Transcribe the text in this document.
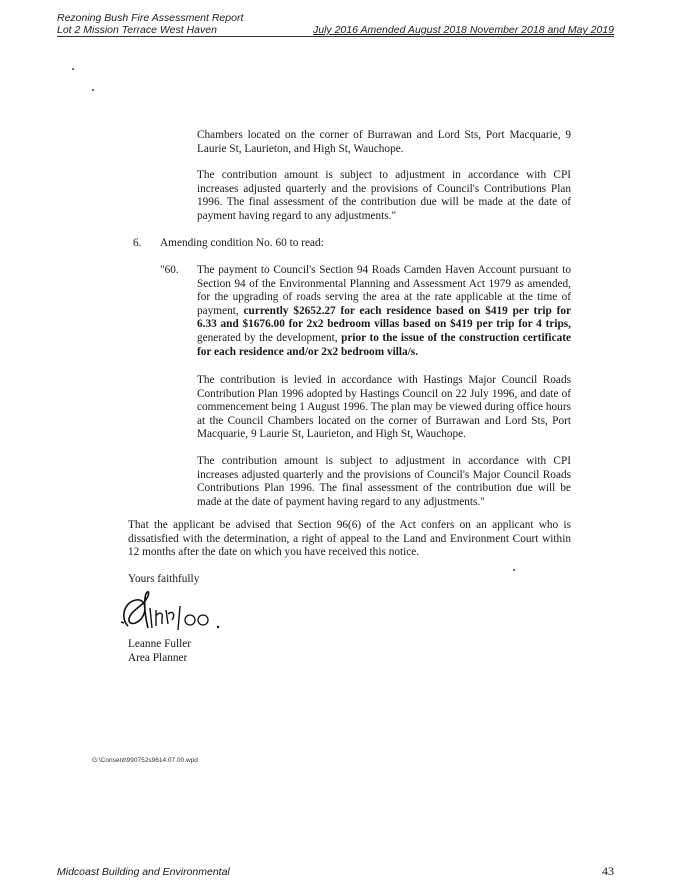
Rezoning Bush Fire Assessment Report
Lot 2 Mission Terrace West Haven	July 2016 Amended August 2018 November 2018 and May 2019

Chambers located on the corner of Burrawan and Lord Sts, Port Macquarie, 9 Laurie St, Laurieton, and High St, Wauchope.

The contribution amount is subject to adjustment in accordance with CPI increases adjusted quarterly and the provisions of Council's Contributions Plan 1996. The final assessment of the contribution due will be made at the date of payment having regard to any adjustments."

6. Amending condition No. 60 to read:
"60. The payment to Council's Section 94 Roads Camden Haven Account pursuant to Section 94 of the Environmental Planning and Assessment Act 1979 as amended, for the upgrading of roads serving the area at the rate applicable at the time of payment, currently $2652.27 for each residence based on $419 per trip for 6.33 and $1676.00 for 2x2 bedroom villas based on $419 per trip for 4 trips, generated by the development, prior to the issue of the construction certificate for each residence and/or 2x2 bedroom villa/s.

The contribution is levied in accordance with Hastings Major Council Roads Contribution Plan 1996 adopted by Hastings Council on 22 July 1996, and date of commencement being 1 August 1996. The plan may be viewed during office hours at the Council Chambers located on the corner of Burrawan and Lord Sts, Port Macquarie, 9 Laurie St, Laurieton, and High St, Wauchope.

The contribution amount is subject to adjustment in accordance with CPI increases adjusted quarterly and the provisions of Council's Major Council Roads Contributions Plan 1996. The final assessment of the contribution due will be made at the date of payment having regard to any adjustments."

That the applicant be advised that Section 96(6) of the Act confers on an applicant who is dissatisfied with the determination, a right of appeal to the Land and Environment Court within 12 months after the date on which you have received this notice.

Yours faithfully
Leanne Fuller
Area Planner
G:\Consent\990752s9614.07.00.wpd
Midcoast Building and Environmental	43
